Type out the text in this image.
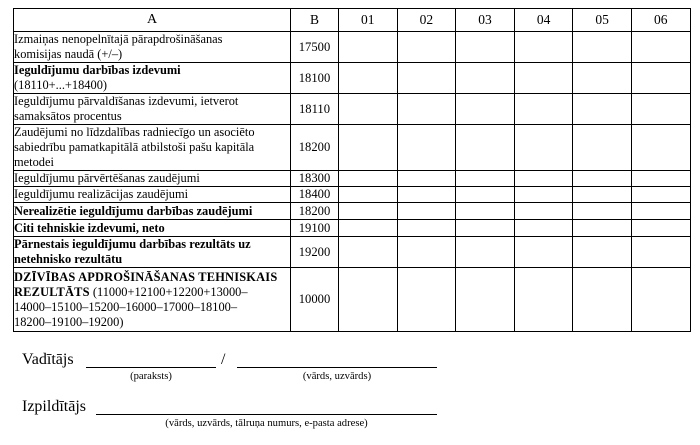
A	B	01	02	03	04	05	06

Izmaiņas nenopelnītajā pārapdrošināšanas
komisijas naudā (+/–)	17500						

Ieguldījumu darbības izdevumi
(18110+...+18400)	18100						

Ieguldījumu pārvaldīšanas izdevumi, ietverot
samaksātos procentus	18110						

Zaudējumi no līdzdalības radniecīgo un asociēto
sabiedrību pamatkapitālā atbilstoši pašu kapitāla
metodei	18200						

Ieguldījumu pārvērtēšanas zaudējumi	18300						

Ieguldījumu realizācijas zaudējumi	18400						

Nerealizētie ieguldījumu darbības zaudējumi	18200						

Citi tehniskie izdevumi, neto	19100						

Pārnestais ieguldījumu darbības rezultāts uz
netehnisko rezultātu	19200						

DZĪVĪBAS APDROŠINĀŠANAS TEHNISKAIS
REZULTĀTS (11000+12100+12200+13000–
14000–15100–15200–16000–17000–18100–
18200–19100–19200)	10000						
Vadītājs	/
(paraksts)	(vārds, uzvārds)
Izpildītājs
(vārds, uzvārds, tālruņa numurs, e-pasta adrese)
